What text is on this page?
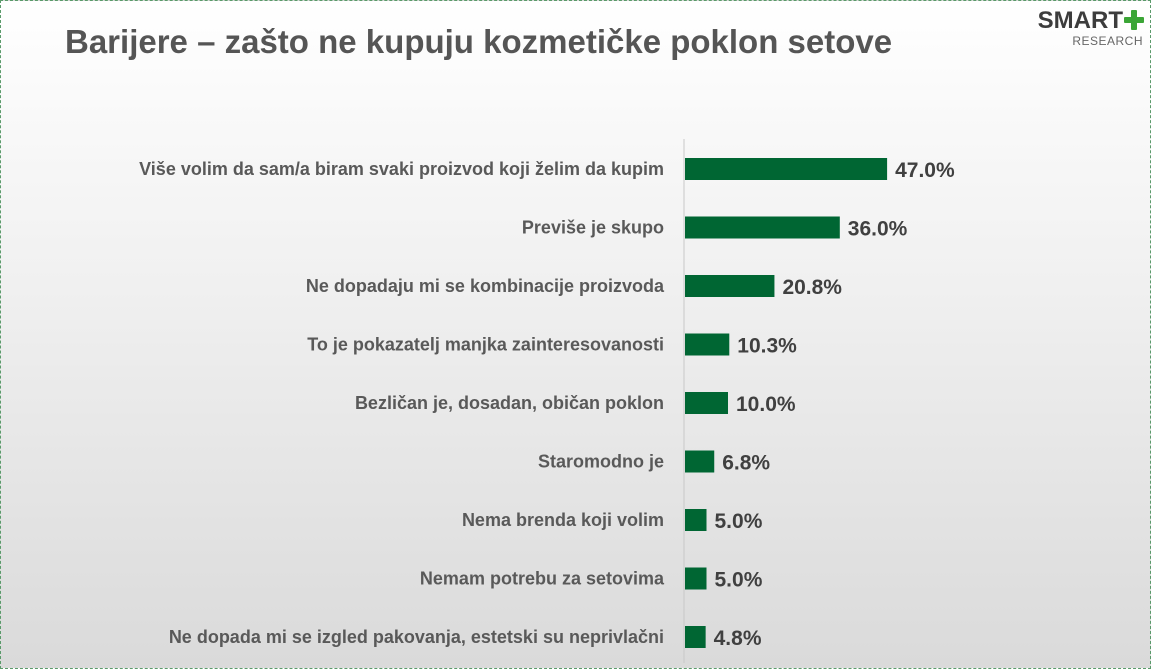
Barijere – zašto ne kupuju kozmetičke poklon setove
SMART
RESEARCH
Više volim da sam/a biram svaki proizvod koji želim da kupim	47.0%
Previše je skupo	36.0%
Ne dopadaju mi se kombinacije proizvoda	20.8%
To je pokazatelj manjka zainteresovanosti	10.3%
Bezličan je, dosadan, običan poklon	10.0%
Staromodno je	6.8%
Nema brenda koji volim 5.0%
Nemam potrebu za setovima 5.0%
Ne dopada mi se izgled pakovanja, estetski su neprivlačni 4.8%
